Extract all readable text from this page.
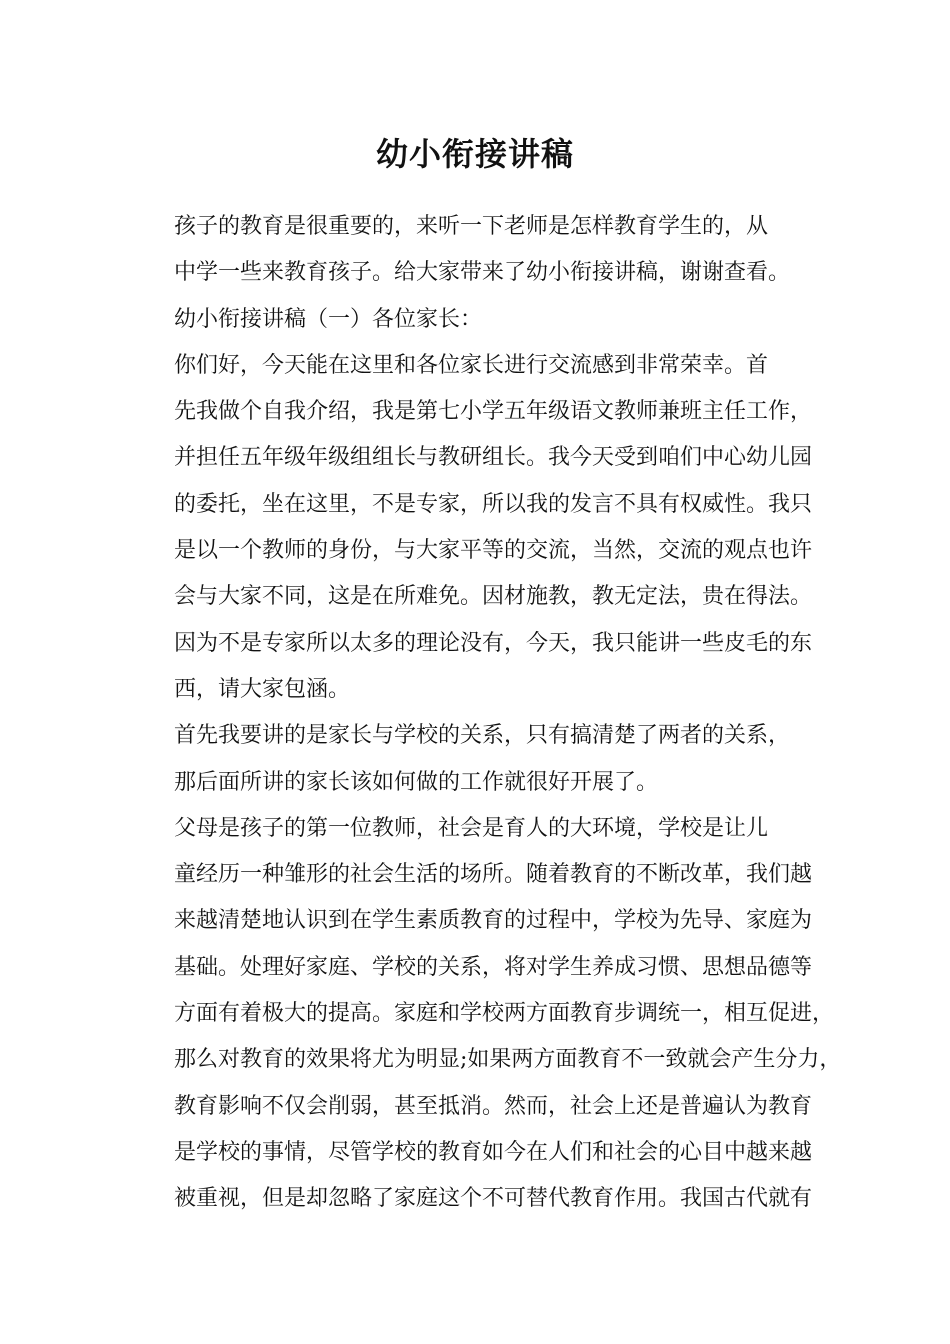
幼小衔接讲稿

孩子的教育是很重要的，来听一下老师是怎样教育学生的，从
中学一些来教育孩子。给大家带来了幼小衔接讲稿，谢谢查看。

幼小衔接讲稿（一）各位家长：

你们好，今天能在这里和各位家长进行交流感到非常荣幸。首
先我做个自我介绍，我是第七小学五年级语文教师兼班主任工作，
并担任五年级年级组组长与教研组长。我今天受到咱们中心幼儿园
的委托，坐在这里，不是专家，所以我的发言不具有权威性。我只
是以一个教师的身份，与大家平等的交流，当然，交流的观点也许
会与大家不同，这是在所难免。因材施教，教无定法，贵在得法。
因为不是专家所以太多的理论没有，今天，我只能讲一些皮毛的东
西，请大家包涵。

首先我要讲的是家长与学校的关系，只有搞清楚了两者的关系，
那后面所讲的家长该如何做的工作就很好开展了。

父母是孩子的第一位教师，社会是育人的大环境，学校是让儿
童经历一种雏形的社会生活的场所。随着教育的不断改革，我们越
来越清楚地认识到在学生素质教育的过程中，学校为先导、家庭为
基础。处理好家庭、学校的关系，将对学生养成习惯、思想品德等
方面有着极大的提高。家庭和学校两方面教育步调统一，相互促进，
那么对教育的效果将尤为明显;如果两方面教育不一致就会产生分力，
教育影响不仅会削弱，甚至抵消。然而，社会上还是普遍认为教育
是学校的事情，尽管学校的教育如今在人们和社会的心目中越来越
被重视，但是却忽略了家庭这个不可替代教育作用。我国古代就有
